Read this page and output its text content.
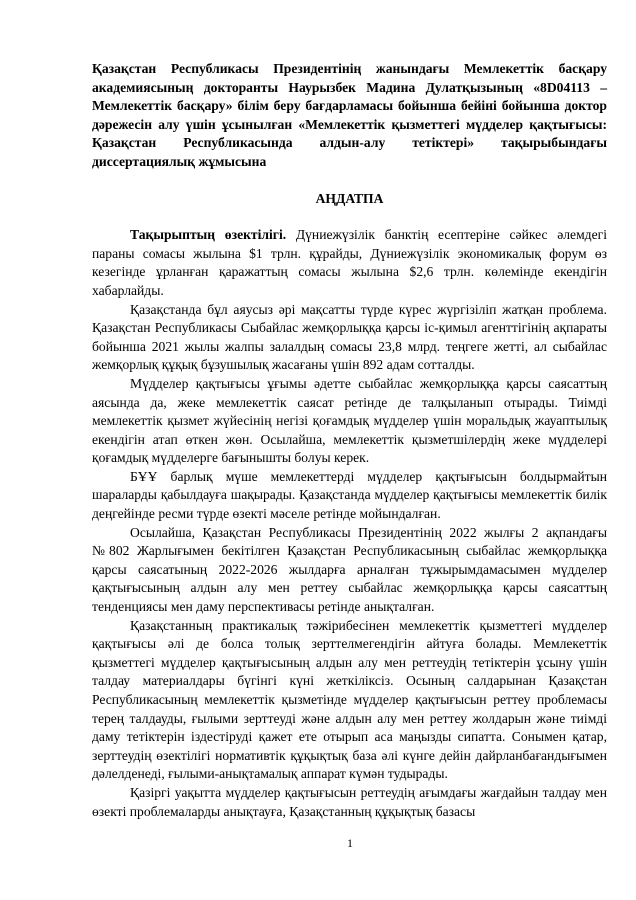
Қазақстан Республикасы Президентінің жанындағы Мемлекеттік басқару академиясының докторанты Наурызбек Мадина Дулатқызының «8D04113 – Мемлекеттік басқару» білім беру бағдарламасы бойынша бейіні бойынша доктор дәрежесін алу үшін ұсынылған «Мемлекеттік қызметтегі мүдделер қақтығысы: Қазақстан Республикасында алдын-алу тетіктері» тақырыбындағы диссертациялық жұмысына

АҢДАТПА

Тақырыптың өзектілігі. Дүниежүзілік банктің есептеріне сәйкес әлемдегі параны сомасы жылына $1 трлн. құрайды, Дүниежүзілік экономикалық форум өз кезегінде ұрланған қаражаттың сомасы жылына $2,6 трлн. көлемінде екендігін хабарлайды.

Қазақстанда бұл аяусыз әрі мақсатты түрде күрес жүргізіліп жатқан проблема. Қазақстан Республикасы Сыбайлас жемқорлыққа қарсы іс-қимыл агенттігінің ақпараты бойынша 2021 жылы жалпы залалдың сомасы 23,8 млрд. теңгеге жетті, ал сыбайлас жемқорлық құқық бұзушылық жасағаны үшін 892 адам сотталды.

Мүдделер қақтығысы ұғымы әдетте сыбайлас жемқорлыққа қарсы саясаттың аясында да, жеке мемлекеттік саясат ретінде де талқыланып отырады. Тиімді мемлекеттік қызмет жүйесінің негізі қоғамдық мүдделер үшін моральдық жауаптылық екендігін атап өткен жөн. Осылайша, мемлекеттік қызметшілердің жеке мүдделері қоғамдық мүдделерге бағынышты болуы керек.

БҰҰ барлық мүше мемлекеттерді мүдделер қақтығысын болдырмайтын шараларды қабылдауға шақырады. Қазақстанда мүдделер қақтығысы мемлекеттік билік деңгейінде ресми түрде өзекті мәселе ретінде мойындалған.

Осылайша, Қазақстан Республикасы Президентінің 2022 жылғы 2 ақпандағы №802 Жарлығымен бекітілген Қазақстан Республикасының сыбайлас жемқорлыққа қарсы саясатының 2022-2026 жылдарға арналған тұжырымдамасымен мүдделер қақтығысының алдын алу мен реттеу сыбайлас жемқорлыққа қарсы саясаттың тенденциясы мен даму перспективасы ретінде анықталған.

Қазақстанның практикалық тәжірибесінен мемлекеттік қызметтегі мүдделер қақтығысы әлі де болса толық зерттелмегендігін айтуға болады. Мемлекеттік қызметтегі мүдделер қақтығысының алдын алу мен реттеудің тетіктерін ұсыну үшін талдау материалдары бүгінгі күні жеткіліксіз. Осының салдарынан Қазақстан Республикасының мемлекеттік қызметінде мүдделер қақтығысын реттеу проблемасы терең талдауды, ғылыми зерттеуді және алдын алу мен реттеу жолдарын және тиімді даму тетіктерін іздестіруді қажет ете отырып аса маңызды сипатта. Сонымен қатар, зерттеудің өзектілігі нормативтік құқықтық база әлі күнге дейін дайрланбағандығымен дәлелденеді, ғылыми-анықтамалық аппарат күмән тудырады.

Қазіргі уақытта мүдделер қақтығысын реттеудің ағымдағы жағдайын талдау мен өзекті проблемаларды анықтауға, Қазақстанның құқықтық базасы

1
